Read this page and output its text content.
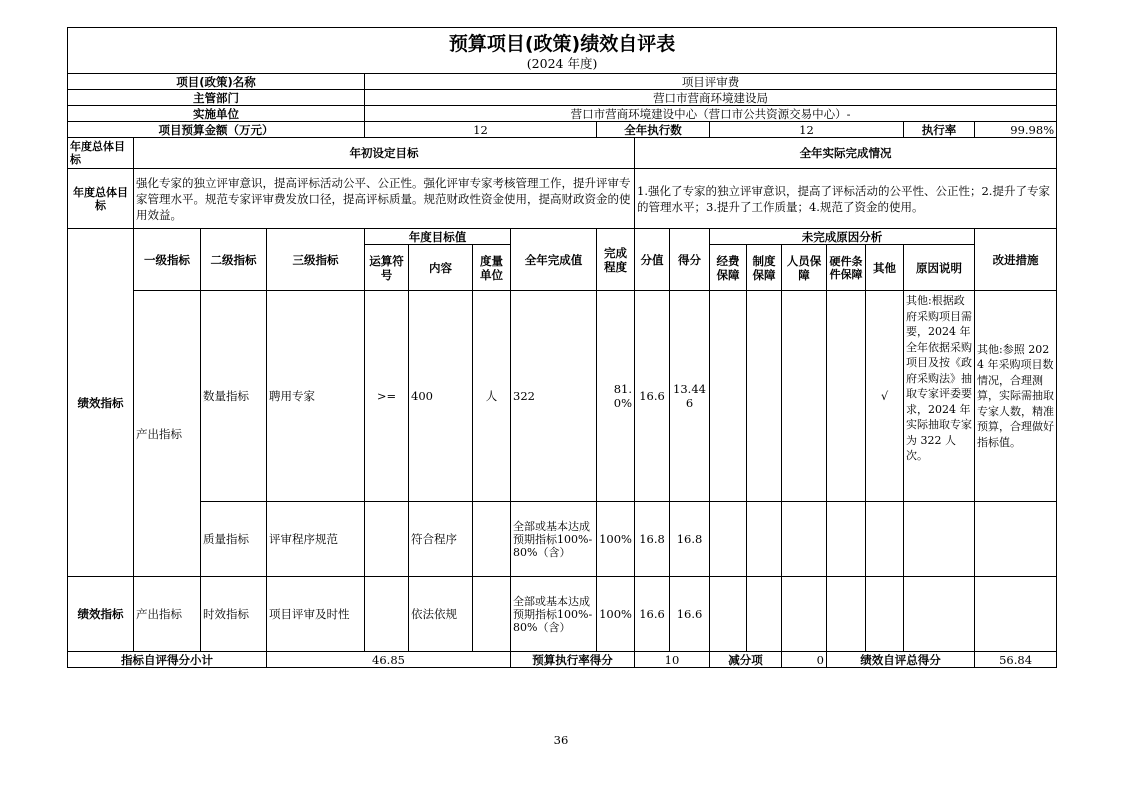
预算项目(政策)绩效自评表
(2024 年度)																	

项目(政策)名称				项目评审费													
主管部门				营口市营商环境建设局													
实施单位				营口市营商环境建设中心（营口市公共资源交易中心）-													
项目预算金额（万元）				12				全年执行数			12					执行率	99.98%
年度总体目标	年初设定目标								全年实际完成情况								
年度总体目标	强化专家的独立评审意识，提高评标活动公平、公正性。强化评审专家考核管理工作，提升评审专家管理水平。规范专家评审费发放口径，提高评标质量。规范财政性资金使用，提高财政资金的使用效益。								1.强化了专家的独立评审意识，提高了评标活动的公平性、公正性；2.提升了专家的管理水平；3.提升了工作质量；4.规范了资金的使用。								
绩效指标	一级指标	二级指标	三级指标	年度目标值			全年完成值	完成程度	分值	得分	未完成原因分析						改进措施
				运算符号	内容	度量单位					经费保障	制度保障	人员保障	硬件条件保障	其他	原因说明	
	产出指标	数量指标	聘用专家	>=	400	人	322	81.0%	16.6	13.446					√	其他:根据政府采购项目需要，2024 年全年依据采购项目及按《政府采购法》抽取专家评委要求，2024 年实际抽取专家为 322 人次。	其他:参照 2024 年采购项目数情况，合理测算，实际需抽取专家人数，精准预算，合理做好指标值。
		质量指标	评审程序规范		符合程序		全部或基本达成预期指标100%-80%（含）	100%	16.8	16.8							
绩效指标	产出指标	时效指标	项目评审及时性		依法依规		全部或基本达成预期指标100%-80%（含）	100%	16.6	16.6							
指标自评得分小计			46.85				预算执行率得分		10		减分项		0	绩效自评总得分			56.84
36
